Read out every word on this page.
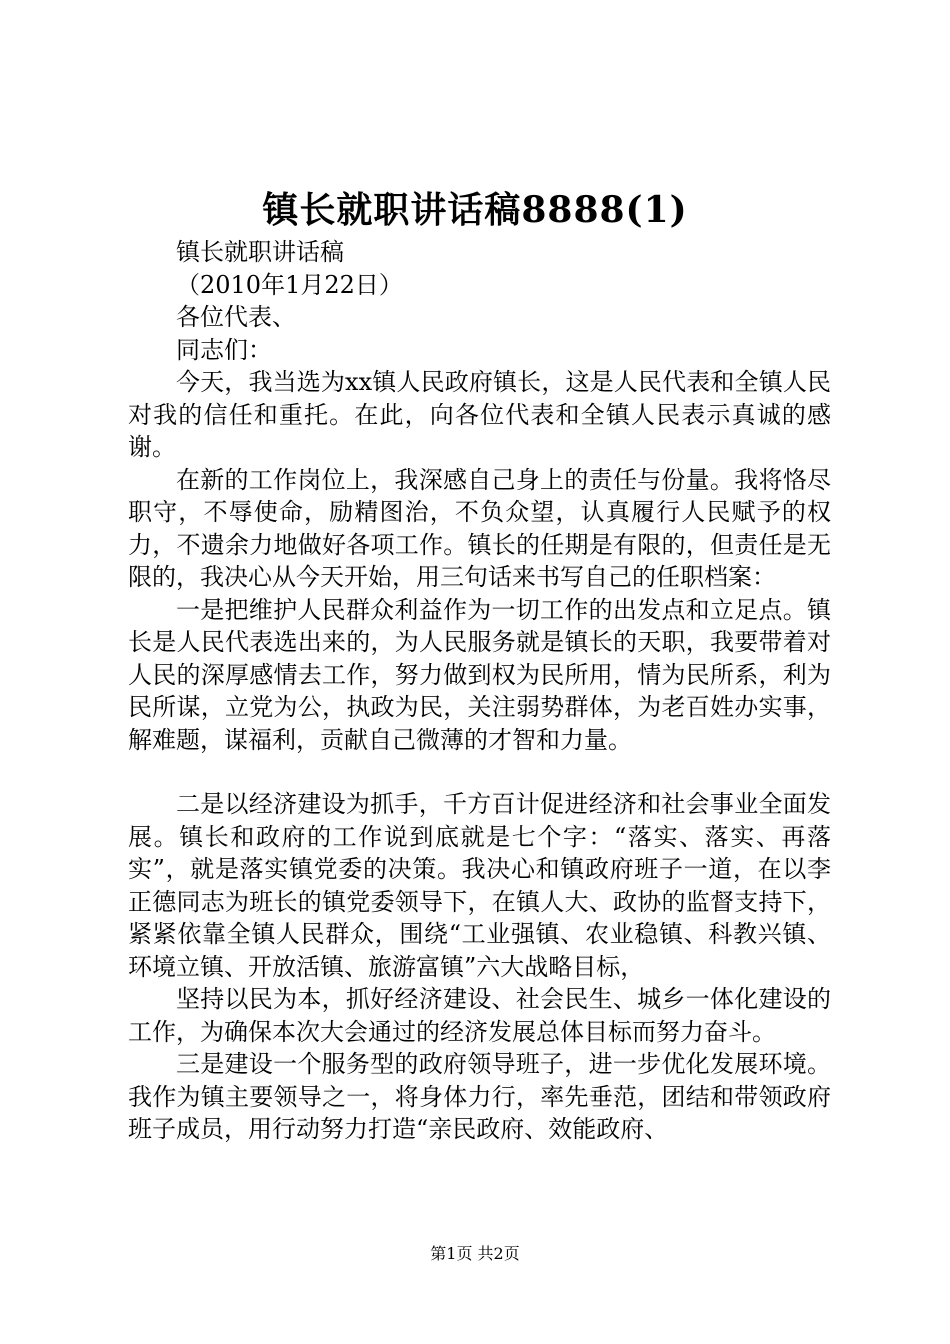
镇长就职讲话稿8888(1)

镇长就职讲话稿

（2010年1月22日）

各位代表、

同志们：

今天，我当选为xx镇人民政府镇长，这是人民代表和全镇人民对我的信任和重托。在此，向各位代表和全镇人民表示真诚的感谢。

在新的工作岗位上，我深感自己身上的责任与份量。我将恪尽职守，不辱使命，励精图治，不负众望，认真履行人民赋予的权力，不遗余力地做好各项工作。镇长的任期是有限的，但责任是无限的，我决心从今天开始，用三句话来书写自己的任职档案：

一是把维护人民群众利益作为一切工作的出发点和立足点。镇长是人民代表选出来的，为人民服务就是镇长的天职，我要带着对人民的深厚感情去工作，努力做到权为民所用，情为民所系，利为民所谋，立党为公，执政为民，关注弱势群体，为老百姓办实事，解难题，谋福利，贡献自己微薄的才智和力量。

二是以经济建设为抓手，千方百计促进经济和社会事业全面发展。镇长和政府的工作说到底就是七个字：“落实、落实、再落实”，就是落实镇党委的决策。我决心和镇政府班子一道，在以李正德同志为班长的镇党委领导下，在镇人大、政协的监督支持下，紧紧依靠全镇人民群众，围绕“工业强镇、农业稳镇、科教兴镇、环境立镇、开放活镇、旅游富镇”六大战略目标，

坚持以民为本，抓好经济建设、社会民生、城乡一体化建设的工作，为确保本次大会通过的经济发展总体目标而努力奋斗。

三是建设一个服务型的政府领导班子，进一步优化发展环境。我作为镇主要领导之一，将身体力行，率先垂范，团结和带领政府班子成员，用行动努力打造“亲民政府、效能政府、

第1页 共2页
